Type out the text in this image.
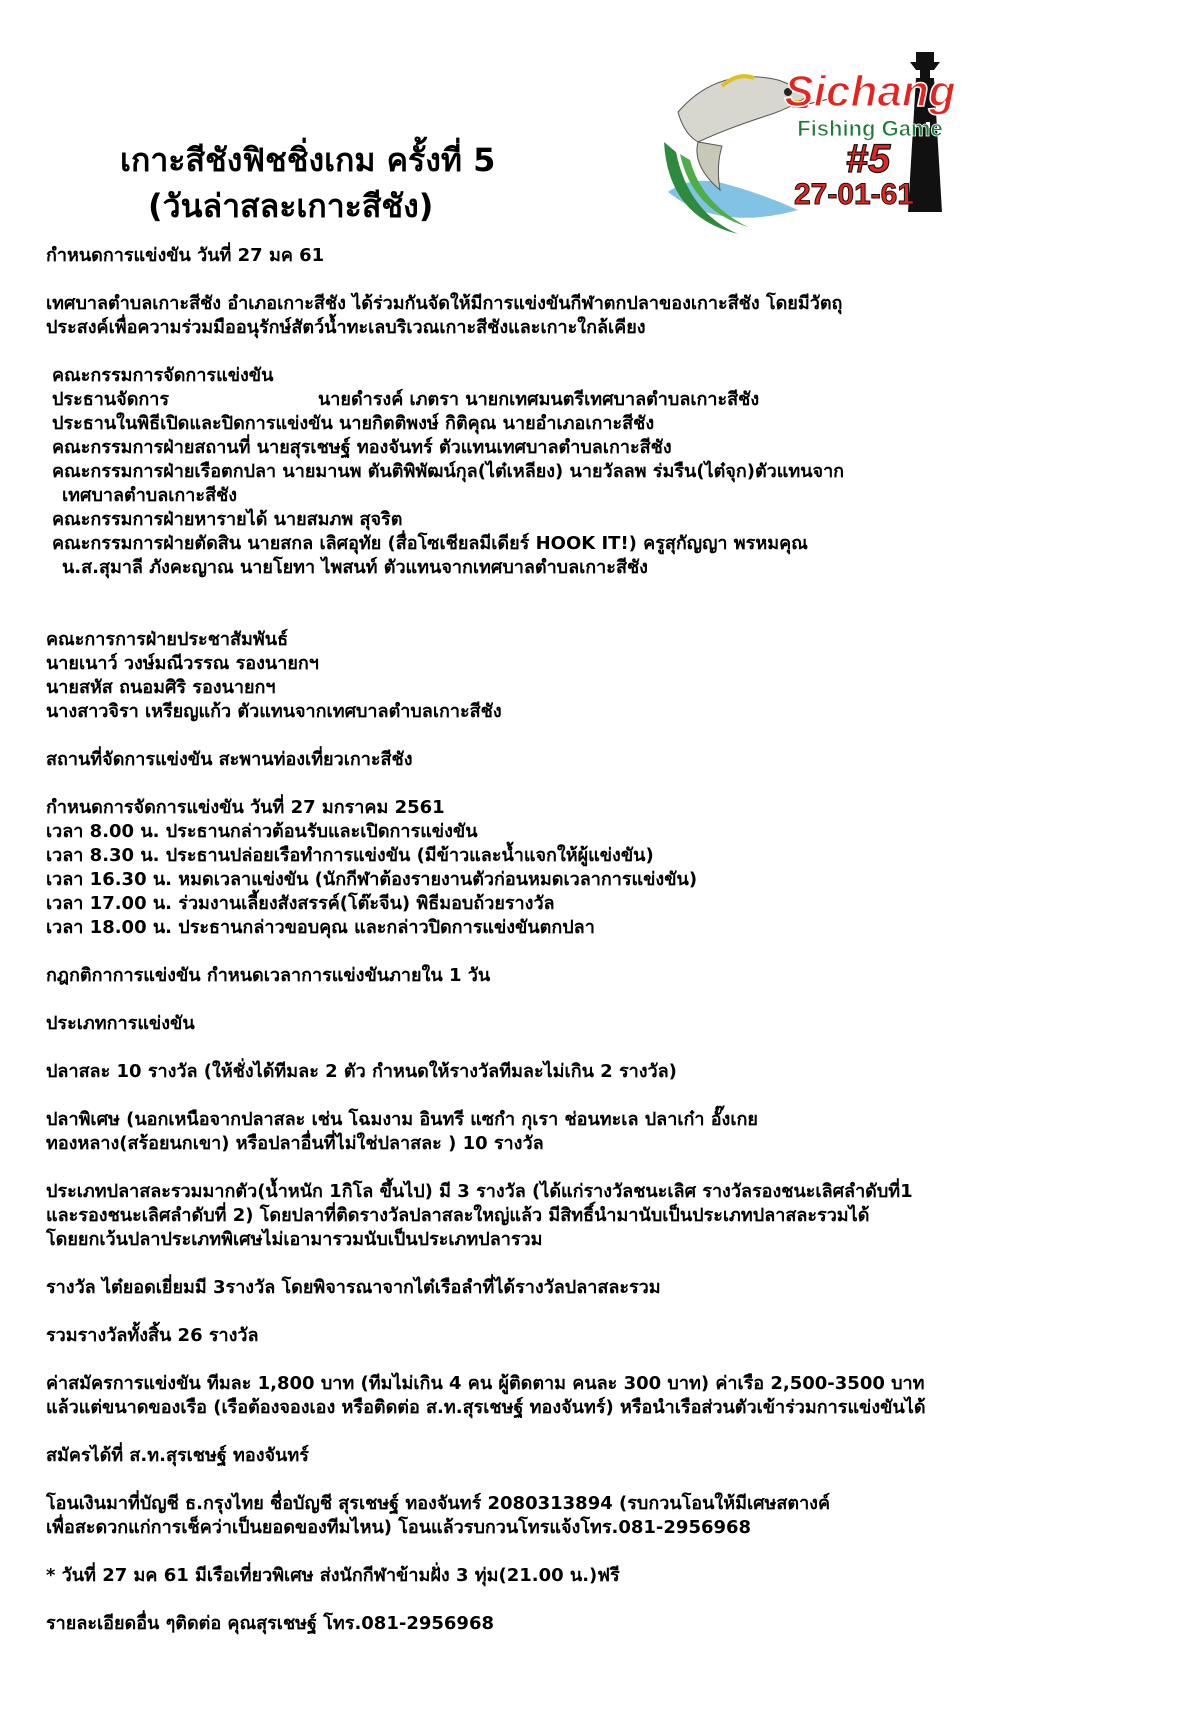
เกาะสีชังฟิชชิ่งเกม ครั้งที่ 5
(วันล่าสละเกาะสีชัง)
Sichang
Fishing Game
#5
27-01-61

กำหนดการแข่งขัน วันที่ 27 มค 61

เทศบาลตำบลเกาะสีชัง อำเภอเกาะสีชัง ได้ร่วมกันจัดให้มีการแข่งขันกีฬาตกปลาของเกาะสีชัง โดยมีวัตถุ

ประสงค์เพื่อความร่วมมืออนุรักษ์สัตว์น้ำทะเลบริเวณเกาะสีชังและเกาะใกล้เคียง

คณะกรรมการจัดการแข่งขัน

ประธานจัดการ	นายดำรงค์ เภตรา นายกเทศมนตรีเทศบาลตำบลเกาะสีชัง

ประธานในพิธีเปิดและปิดการแข่งขัน นายกิตติพงษ์ กิติคุณ นายอำเภอเกาะสีชัง

คณะกรรมการฝ่ายสถานที่ นายสุรเชษฐ์ ทองจันทร์ ตัวแทนเทศบาลตำบลเกาะสีชัง

คณะกรรมการฝ่ายเรือตกปลา นายมานพ ตันติพิพัฒน์กุล(ไต๋เหลียง) นายวัลลพ ร่มรืน(ไต๋จุก)ตัวแทนจาก

เทศบาลตำบลเกาะสีชัง

คณะกรรมการฝ่ายหารายได้ นายสมภพ สุจริต

คณะกรรมการฝ่ายตัดสิน นายสกล เลิศอุทัย (สื่อโซเชียลมีเดียร์ HOOK IT!) ครูสุกัญญา พรหมคุณ

น.ส.สุมาลี ภังคะญาณ นายโยทา ไพสนท์ ตัวแทนจากเทศบาลตำบลเกาะสีชัง

คณะการการฝ่ายประชาสัมพันธ์

นายเนาว์ วงษ์มณีวรรณ รองนายกฯ

นายสหัส ถนอมศิริ รองนายกฯ

นางสาวจิรา เหรียญแก้ว ตัวแทนจากเทศบาลตำบลเกาะสีชัง

สถานที่จัดการแข่งขัน สะพานท่องเที่ยวเกาะสีชัง

กำหนดการจัดการแข่งขัน วันที่ 27 มกราคม 2561

เวลา 8.00 น. ประธานกล่าวต้อนรับและเปิดการแข่งขัน

เวลา 8.30 น. ประธานปล่อยเรือทำการแข่งขัน (มีข้าวและน้ำแจกให้ผู้แข่งขัน)

เวลา 16.30 น. หมดเวลาแข่งขัน (นักกีฬาต้องรายงานตัวก่อนหมดเวลาการแข่งขัน)

เวลา 17.00 น. ร่วมงานเลี้ยงสังสรรค์(โต๊ะจีน) พิธีมอบถ้วยรางวัล

เวลา 18.00 น. ประธานกล่าวขอบคุณ และกล่าวปิดการแข่งขันตกปลา

กฎกติกาการแข่งขัน กำหนดเวลาการแข่งขันภายใน 1 วัน

ประเภทการแข่งขัน

ปลาสละ 10 รางวัล (ให้ชั่งได้ทีมละ 2 ตัว กำหนดให้รางวัลทีมละไม่เกิน 2 รางวัล)

ปลาพิเศษ (นอกเหนือจากปลาสละ เช่น โฉมงาม อินทรี แซกำ กุเรา ช่อนทะเล ปลาเก๋า อั๊งเกย

ทองหลาง(สร้อยนกเขา) หรือปลาอื่นที่ไม่ใช่ปลาสละ ) 10 รางวัล

ประเภทปลาสละรวมมากตัว(น้ำหนัก 1กิโล ขึ้นไป) มี 3 รางวัล (ได้แก่รางวัลชนะเลิศ รางวัลรองชนะเลิศลำดับที่1

และรองชนะเลิศลำดับที่ 2) โดยปลาที่ติดรางวัลปลาสละใหญ่แล้ว มีสิทธิ์นำมานับเป็นประเภทปลาสละรวมได้

โดยยกเว้นปลาประเภทพิเศษไม่เอามารวมนับเป็นประเภทปลารวม

รางวัล ไต๋ยอดเยี่ยมมี 3รางวัล โดยพิจารณาจากไต๋เรือลำที่ได้รางวัลปลาสละรวม

รวมรางวัลทั้งสิ้น 26 รางวัล

ค่าสมัครการแข่งขัน ทีมละ 1,800 บาท (ทีมไม่เกิน 4 คน ผู้ติดตาม คนละ 300 บาท) ค่าเรือ 2,500-3500 บาท

แล้วแต่ขนาดของเรือ (เรือต้องจองเอง หรือติดต่อ ส.ท.สุรเชษฐ์ ทองจันทร์) หรือนำเรือส่วนตัวเข้าร่วมการแข่งขันได้

สมัครได้ที่ ส.ท.สุรเชษฐ์ ทองจันทร์

โอนเงินมาที่บัญชี ธ.กรุงไทย ชื่อบัญชี สุรเชษฐ์ ทองจันทร์ 2080313894 (รบกวนโอนให้มีเศษสตางค์

เพื่อสะดวกแก่การเช็คว่าเป็นยอดของทีมไหน) โอนแล้วรบกวนโทรแจ้งโทร.081-2956968

* วันที่ 27 มค 61 มีเรือเที่ยวพิเศษ ส่งนักกีฬาข้ามฝั่ง 3 ทุ่ม(21.00 น.)ฟรี

รายละเอียดอื่น ๆติดต่อ คุณสุรเชษฐ์ โทร.081-2956968
